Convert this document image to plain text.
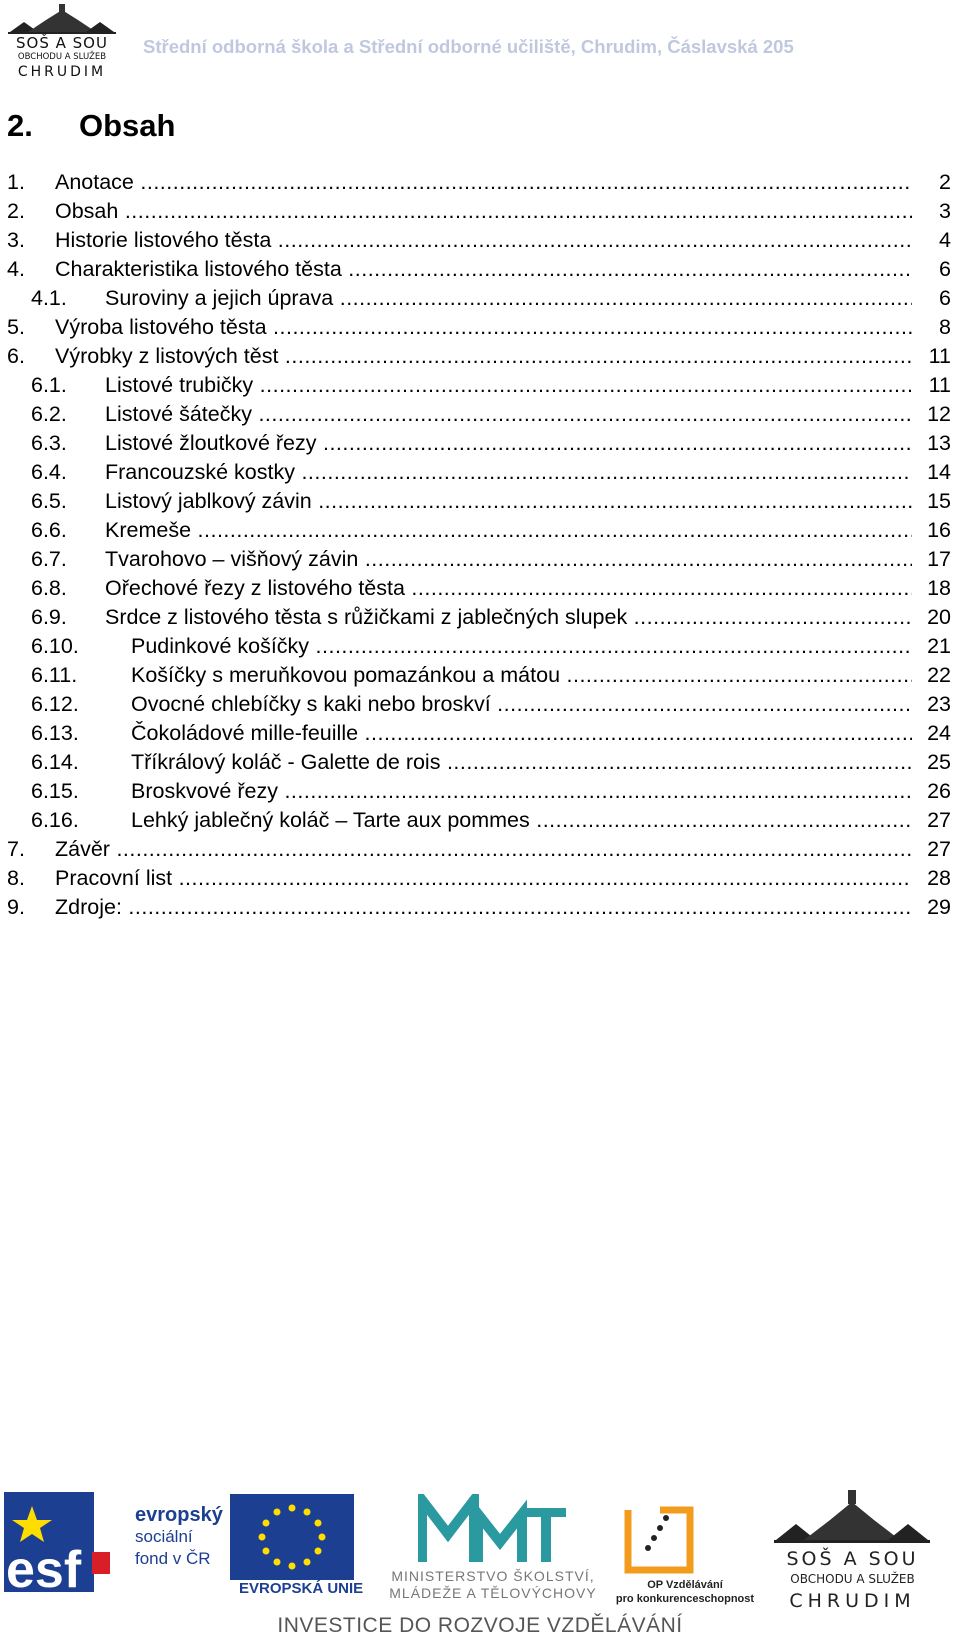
SOŠ A SOU
OBCHODU A SLUŽEB
CHRUDIM
Střední odborná škola a Střední odborné učiliště, Chrudim, Čáslavská 205
2. Obsah
1. Anotace .....	2
2. Obsah .....	3
3. Historie listového těsta .....	4
4. Charakteristika listového těsta .....	6
4.1. Suroviny a jejich úprava .....	6
5. Výroba listového těsta .....	8
6. Výrobky z listových těst .....	11
6.1. Listové trubičky .....	11
6.2. Listové šátečky .....	12
6.3. Listové žloutkové řezy .....	13
6.4. Francouzské kostky .....	14
6.5. Listový jablkový závin .....	15
6.6. Kremeše .....	16
6.7. Tvarohovo – višňový závin .....	17
6.8. Ořechové řezy z listového těsta .....	18
6.9. Srdce z listového těsta s růžičkami z jablečných slupek .....	20
6.10. Pudinkové košíčky .....	21
6.11.	Košíčky s meruňkovou pomazánkou a mátou .....	22
6.12. Ovocné chlebíčky s kaki nebo broskví .....	23
6.13. Čokoládové mille-feuille .....	24
6.14. Tříkrálový koláč - Galette de rois .....	25
6.15. Broskvové řezy .....	26
6.16. Lehký jablečný koláč – Tarte aux pommes .....	27
7. Závěr .....	27
8. Pracovní list .....	28
9. Zdroje: .....	29
esf
evropský
sociální
fond v ČR
EVROPSKÁ UNIE
MINISTERSTVO ŠKOLSTVÍ,
MLÁDEŽE A TĚLOVÝCHOVY	OP Vzdělávání
pro konkurenceschopnost
SOŠ A SOU
OBCHODU A SLUŽEB
CHRUDIM
INVESTICE DO ROZVOJE VZDĚLÁVÁNÍ
